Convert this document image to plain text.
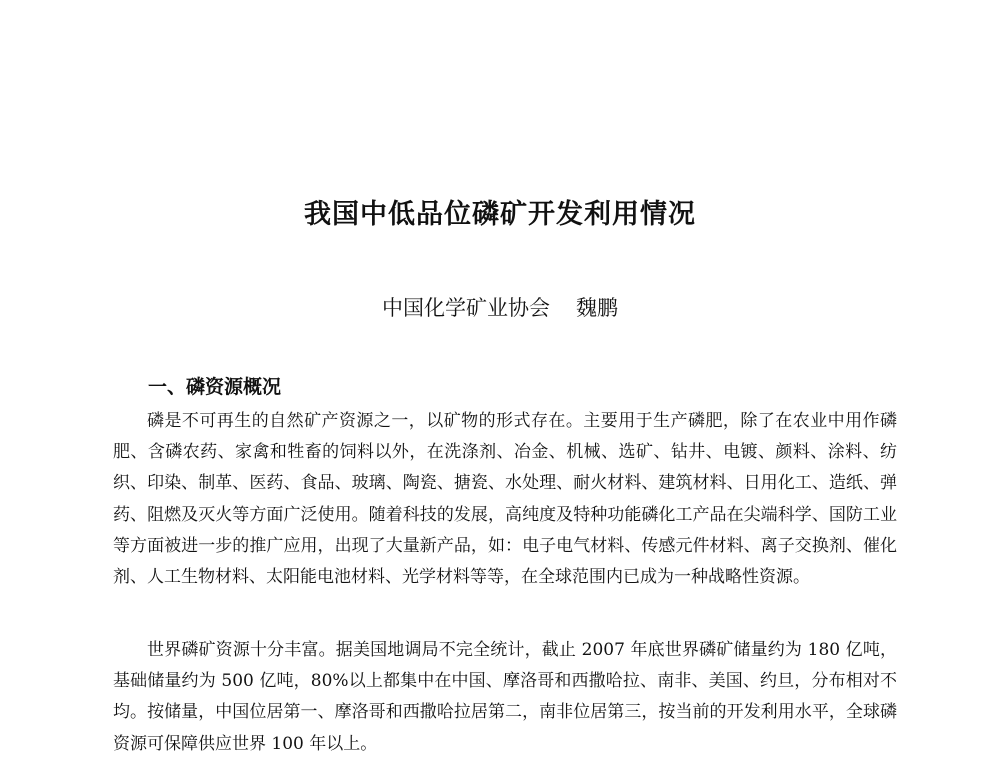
我国中低品位磷矿开发利用情况

中国化学矿业协会 魏鹏

一、磷资源概况

磷是不可再生的自然矿产资源之一，以矿物的形式存在。主要用于生产磷肥，除了在农业中用作磷肥、含磷农药、家禽和牲畜的饲料以外，在洗涤剂、冶金、机械、选矿、钻井、电镀、颜料、涂料、纺织、印染、制革、医药、食品、玻璃、陶瓷、搪瓷、水处理、耐火材料、建筑材料、日用化工、造纸、弹药、阻燃及灭火等方面广泛使用。随着科技的发展，高纯度及特种功能磷化工产品在尖端科学、国防工业等方面被进一步的推广应用，出现了大量新产品，如：电子电气材料、传感元件材料、离子交换剂、催化剂、人工生物材料、太阳能电池材料、光学材料等等，在全球范围内已成为一种战略性资源。

世界磷矿资源十分丰富。据美国地调局不完全统计，截止 2007 年底世界磷矿储量约为 180 亿吨，基础储量约为 500 亿吨，80%以上都集中在中国、摩洛哥和西撒哈拉、南非、美国、约旦，分布相对不均。按储量，中国位居第一、摩洛哥和西撒哈拉居第二，南非位居第三，按当前的开发利用水平，全球磷资源可保障供应世界 100 年以上。
